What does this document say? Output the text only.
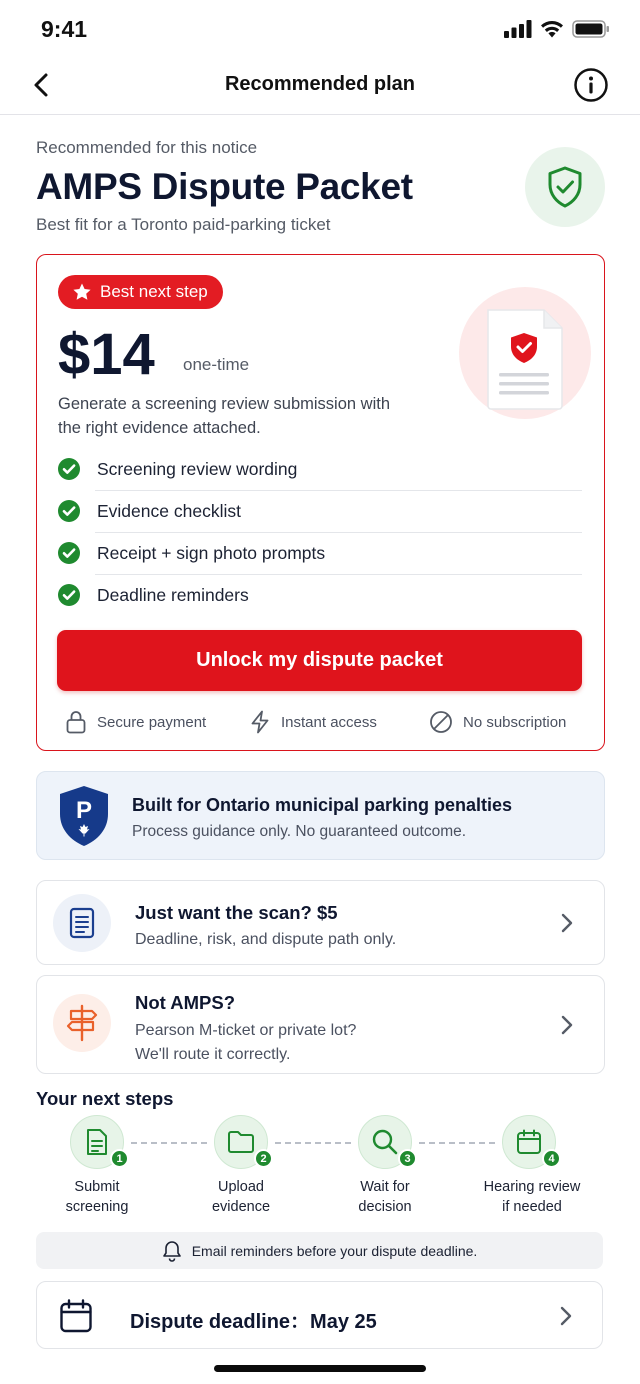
9:41
Recommended plan
Recommended for this notice
AMPS Dispute Packet
Best fit for a Toronto paid-parking ticket
Best next step
$14 one-time
Generate a screening review submission with the right evidence attached.
Screening review wording
Evidence checklist
Receipt + sign photo prompts
Deadline reminders
Unlock my dispute packet
Secure payment	Instant access	No subscription
P Built for Ontario municipal parking penalties
Process guidance only. No guaranteed outcome.
Just want the scan? $5
Deadline, risk, and dispute path only.
Not AMPS?
Pearson M-ticket or private lot?
We'll route it correctly.
Your next steps
1
Submit
screening
2
Upload
evidence
3
Wait for
decision
4
Hearing review
if needed
Email reminders before your dispute deadline.
Dispute deadline：May 25
